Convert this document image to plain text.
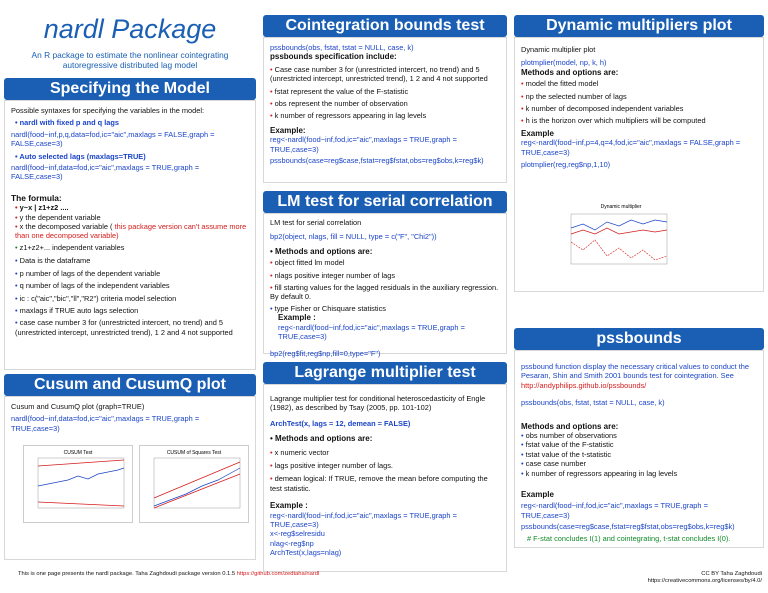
nardl Package
An R package to estimate the nonlinear cointegrating autoregressive distributed lag model
Specifying the Model

Possible syntaxes for specifying the variables in the model:

• nardl with fixed p and q lags

nardl(food~inf,p,q,data=fod,ic="aic",maxlags = FALSE,graph = FALSE,case=3)

• Auto selected lags (maxlags=TRUE)

nardl(food~inf,data=fod,ic="aic",maxlags = TRUE,graph = FALSE,case=3)

The formula:

• y~x | z1+z2 ....

• y the dependent variable

• x the decomposed variable ( this package version can't assume more than one decomposed variable)

• z1+z2+... independent variables

• Data is the dataframe

• p number of lags of the dependent variable

• q number of lags of the independent variables

• ic : c("aic","bic","ll","R2") criteria model selection

• maxlags if TRUE auto lags selection

• case case number 3 for (unrestricted intercert, no trend) and 5 (unrestricted intercept, unrestricted trend), 1 2 and 4 not supported

Cusum and CusumQ plot

Cusum and CusumQ plot (graph=TRUE)

nardl(food~inf,data=fod,ic="aic",maxlags = TRUE,graph = TRUE,case=3)

CUSUM Test	CUSUM of Squares Test
Cointegration bounds test

pssbounds(obs, fstat, tstat = NULL, case, k)

pssbounds specification include:

• Case case number 3 for (unrestricted intercert, no trend) and 5 (unrestricted intercept, unrestricted trend), 1 2 and 4 not supported

• fstat represent the value of the F-statistic

• obs represent the number of observation

• k number of regressors appearing in lag levels

Example:

reg<-nardl(food~inf,fod,ic="aic",maxlags = TRUE,graph = TRUE,case=3)

pssbounds(case=reg$case,fstat=reg$fstat,obs=reg$obs,k=reg$k)

LM test for serial correlation

LM test for serial correlation

bp2(object, nlags, fill = NULL, type = c("F", "Chi2"))

• Methods and options are:

• object fitted lm model

• nlags positive integer number of lags

• fill starting values for the lagged residuals in the auxiliary regression. By default 0.

• type Fisher or Chisquare statistics

Example :

reg<-nardl(food~inf,fod,ic="aic",maxlags = TRUE,graph = TRUE,case=3)

bp2(reg$fit,reg$np,fill=0,type="F")

Lagrange multiplier test

Lagrange multiplier test for conditional heteroscedasticity of Engle (1982), as described by Tsay (2005, pp. 101-102)

ArchTest(x, lags = 12, demean = FALSE)

• Methods and options are:

• x numeric vector

• lags positive integer number of lags.

• demean logical: If TRUE, remove the mean before computing the test statistic.

Example :

reg<-nardl(food~inf,fod,ic="aic",maxlags = TRUE,graph = TRUE,case=3)

x<-reg$selresidu

nlag<-reg$np

ArchTest(x,lags=nlag)

Dynamic multipliers plot

Dynamic multiplier plot

plotmplier(model, np, k, h)

Methods and options are:

• model the fitted model

• np the selected number of lags

• k number of decomposed independent variables

• h is the horizon over which multipliers will be computed

Example

reg<-nardl(food~inf,p=4,q=4,fod,ic="aic",maxlags = FALSE,graph = TRUE,case=3)

plotmplier(reg,reg$np,1,10)

Dynamic multiplier
pssbounds

pssbound function display the necessary critical values to conduct the Pesaran, Shin and Smith 2001 bounds test for cointegration. See http://andyphilips.github.io/pssbounds/

pssbounds(obs, fstat, tstat = NULL, case, k)

Methods and options are:

• obs number of observations

• fstat value of the F-statistic

• tstat value of the t-statistic

• case case number

• k number of regressors appearing in lag levels

Example

reg<-nardl(food~inf,fod,ic="aic",maxlags = TRUE,graph = TRUE,case=3)

pssbounds(case=reg$case,fstat=reg$fstat,obs=reg$obs,k=reg$k)

# F-stat concludes I(1) and cointegrating, t-stat concludes I(0).

This is one page presents the nardl package. Taha Zaghdoudi package version 0.1.5 https://github.com/zedtaha/nardl	CC BY Taha Zaghdoudi
https://creativecommons.org/licenses/by/4.0/
